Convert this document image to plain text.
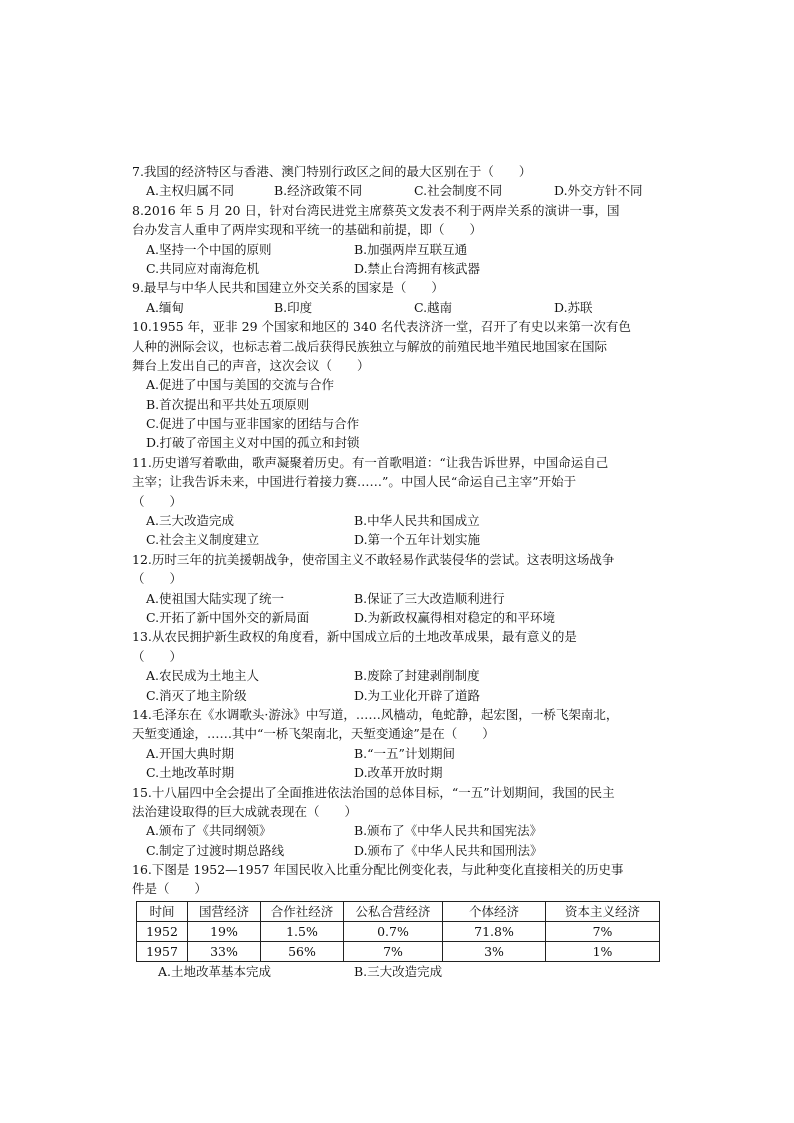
7.我国的经济特区与香港、澳门特别行政区之间的最大区别在于（　　）
A.主权归属不同	B.经济政策不同	C.社会制度不同	D.外交方针不同
8.2016 年 5 月 20 日，针对台湾民进党主席蔡英文发表不利于两岸关系的演讲一事，国
台办发言人重申了两岸实现和平统一的基础和前提，即（　　）
A.坚持一个中国的原则	B.加强两岸互联互通
C.共同应对南海危机	D.禁止台湾拥有核武器
9.最早与中华人民共和国建立外交关系的国家是（　　）
A.缅甸	B.印度	C.越南	D.苏联
10.1955 年，亚非 29 个国家和地区的 340 名代表济济一堂，召开了有史以来第一次有色
人种的洲际会议，也标志着二战后获得民族独立与解放的前殖民地半殖民地国家在国际
舞台上发出自己的声音，这次会议（　　）
A.促进了中国与美国的交流与合作
B.首次提出和平共处五项原则
C.促进了中国与亚非国家的团结与合作
D.打破了帝国主义对中国的孤立和封锁
11.历史谱写着歌曲，歌声凝聚着历史。有一首歌唱道：“让我告诉世界，中国命运自己
主宰；让我告诉未来，中国进行着接力赛……”。中国人民“命运自己主宰”开始于
（　　）
A.三大改造完成	B.中华人民共和国成立
C.社会主义制度建立	D.第一个五年计划实施
12.历时三年的抗美援朝战争，使帝国主义不敢轻易作武装侵华的尝试。这表明这场战争
（　　）
A.使祖国大陆实现了统一	B.保证了三大改造顺利进行
C.开拓了新中国外交的新局面	D.为新政权赢得相对稳定的和平环境
13.从农民拥护新生政权的角度看，新中国成立后的土地改革成果，最有意义的是
（　　）
A.农民成为土地主人	B.废除了封建剥削制度
C.消灭了地主阶级	D.为工业化开辟了道路
14.毛泽东在《水调歌头·游泳》中写道，……风樯动，龟蛇静，起宏图，一桥飞架南北，
天堑变通途，……其中“一桥飞架南北，天堑变通途”是在（　　）
A.开国大典时期	B.“一五”计划期间
C.土地改革时期	D.改革开放时期
15.十八届四中全会提出了全面推进依法治国的总体目标，“一五”计划期间，我国的民主
法治建设取得的巨大成就表现在（　　）
A.颁布了《共同纲领》	B.颁布了《中华人民共和国宪法》
C.制定了过渡时期总路线	D.颁布了《中华人民共和国刑法》
16.下图是 1952—1957 年国民收入比重分配比例变化表，与此种变化直接相关的历史事
件是（　　）
时间	国营经济	合作社经济	公私合营经济	个体经济	资本主义经济
1952	19%	1.5%	0.7%	71.8%	7%
1957	33%	56%	7%	3%	1%
A.土地改革基本完成	B.三大改造完成
